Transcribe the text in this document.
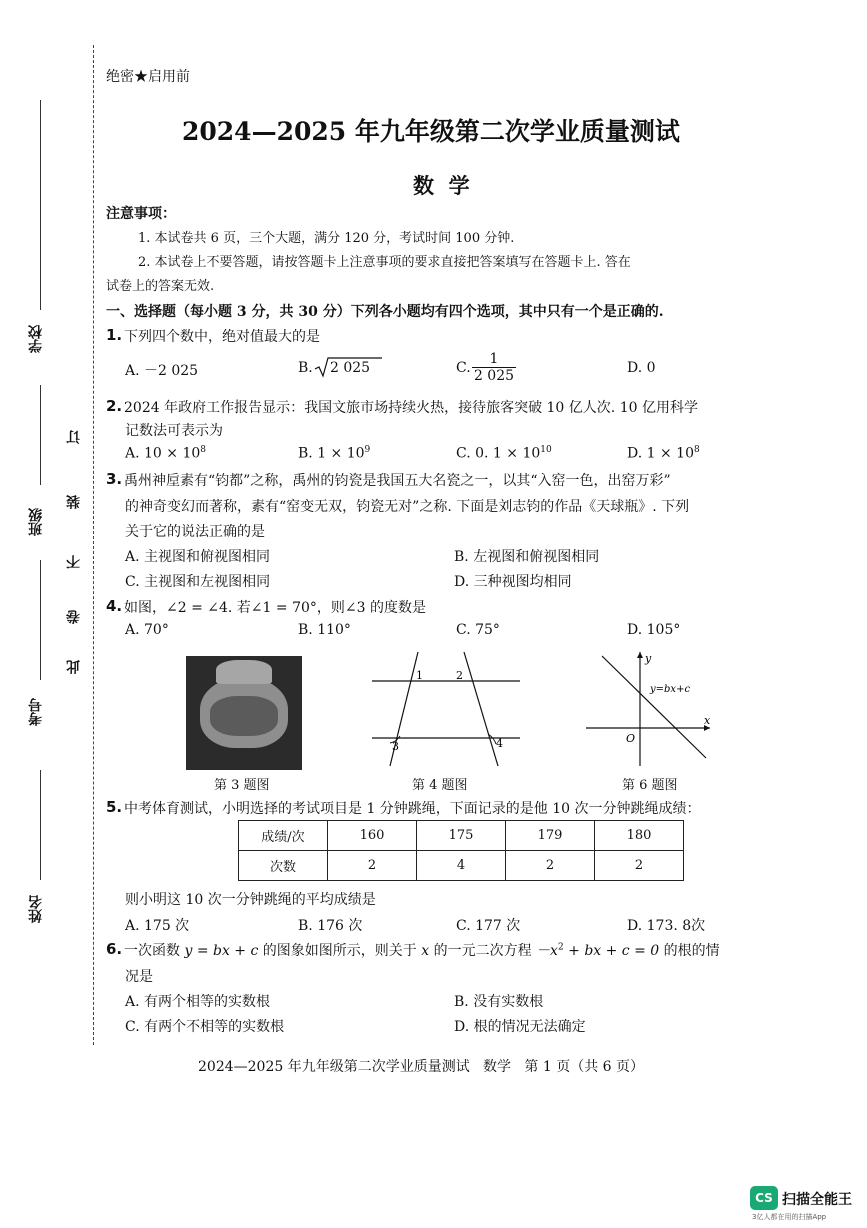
学校
班级
考号
姓名
订
装
不
卷
此
绝密★启用前
2024—2025 年九年级第二次学业质量测试
数  学
注意事项：
1. 本试卷共 6 页，三个大题，满分 120 分，考试时间 100 分钟.
2. 本试卷上不要答题，请按答题卡上注意事项的要求直接把答案填写在答题卡上. 答在
试卷上的答案无效.
一、选择题（每小题 3 分，共 30 分）下列各小题均有四个选项，其中只有一个是正确的.
1. 下列四个数中，绝对值最大的是
A. －2 025	B. 2 025	C. $\frac{1}{2 025}$	D. 0
2. 2024 年政府工作报告显示：我国文旅市场持续火热，接待旅客突破 10 亿人次. 10 亿用科学
记数法可表示为
A. $10 \times 10^8$	B. $1 \times 10^9$	C. 0. $1 \times 10^{10}$	D. $1 \times 10^8$
3. 禹州神垕素有“钧都”之称，禹州的钧瓷是我国五大名瓷之一，以其“入窑一色，出窑万彩”
的神奇变幻而著称，素有“窑变无双，钧瓷无对”之称. 下面是刘志钧的作品《天球瓶》. 下列
关于它的说法正确的是
A. 主视图和俯视图相同	B. 左视图和俯视图相同
C. 主视图和左视图相同	D. 三种视图均相同
4. 如图，∠2 = ∠4. 若∠1 = 70°，则∠3 的度数是
A. 70°	B. 110°	C. 75°	D. 105°
第 3 题图
1	2
3	4
第 4 题图
y
x
O
y=bx+c
第 6 题图
5. 中考体育测试，小明选择的考试项目是 1 分钟跳绳，下面记录的是他 10 次一分钟跳绳成绩：
成绩/次	160	175	179	180
次数	2	4	2	2
则小明这 10 次一分钟跳绳的平均成绩是
A. 175 次	B. 176 次	C. 177 次	D. 173. 8次
6. 一次函数 y = bx + c 的图象如图所示，则关于 x 的一元二次方程 $-x^2$ + bx + c = 0 的根的情
况是
A. 有两个相等的实数根	B. 没有实数根
C. 有两个不相等的实数根	D. 根的情况无法确定
2024—2025 年九年级第二次学业质量测试   数学   第 1 页（共 6 页）
CS 扫描全能王
3亿人都在用的扫描App
